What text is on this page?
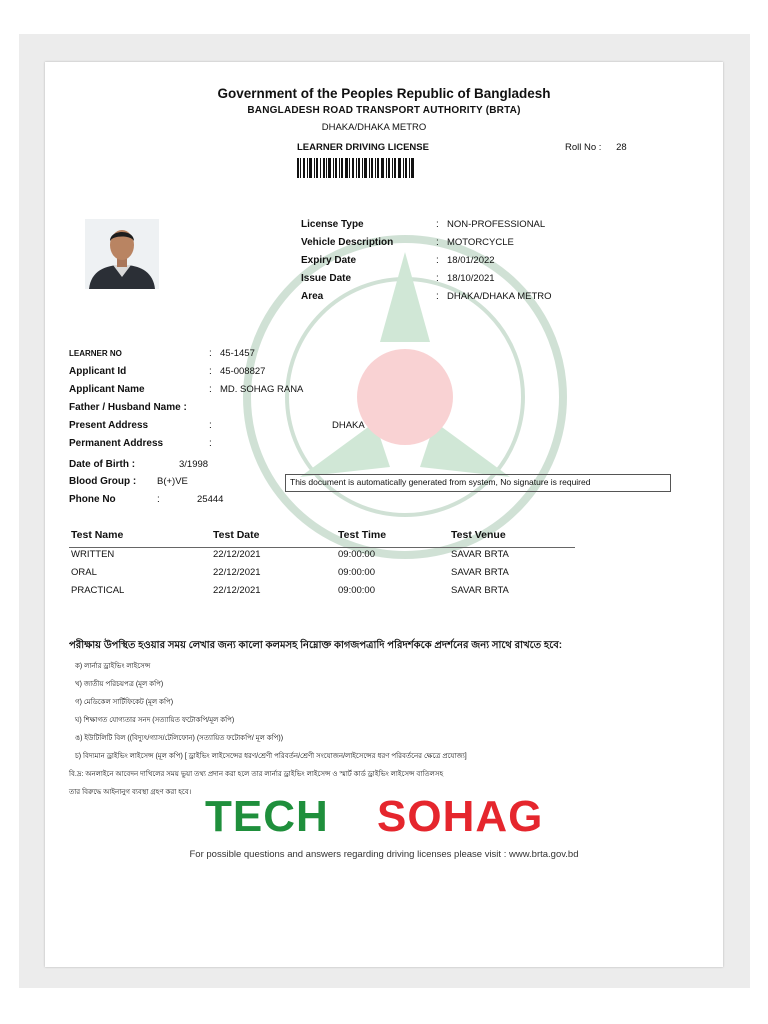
Government of the Peoples Republic of Bangladesh
BANGLADESH ROAD TRANSPORT AUTHORITY (BRTA)
DHAKA/DHAKA METRO
LEARNER DRIVING LICENSE	Roll No : 28
License Type	: NON-PROFESSIONAL
Vehicle Description	: MOTORCYCLE
Expiry Date	: 18/01/2022
Issue Date	: 18/10/2021
Area	: DHAKA/DHAKA METRO
LEARNER NO	: 45-1457
Applicant Id	: 45-008827
Applicant Name	: MD. SOHAG RANA
Father / Husband Name :
Present Address	:	DHAKA
Permanent Address	:
Date of Birth :	3/1998
Blood Group : B(+)VE
Phone No	:	25444
This document is automatically generated from system, No signature is required
Test Name	Test Date	Test Time	Test Venue
WRITTEN	22/12/2021	09:00:00	SAVAR BRTA
ORAL	22/12/2021	09:00:00	SAVAR BRTA
PRACTICAL	22/12/2021	09:00:00	SAVAR BRTA
পরীক্ষায় উপস্থিত হওয়ার সময় লেখার জন্য কালো কলমসহ নিম্নোক্ত কাগজপত্রাদি পরিদর্শককে প্রদর্শনের জন্য সাথে রাখতে হবে:
ক) লার্নার ড্রাইভিং লাইসেন্স
খ) জাতীয় পরিচয়পত্র (মূল কপি)
গ) মেডিকেল সার্টিফিকেট (মূল কপি)
ঘ) শিক্ষাগত যোগ্যতার সনদ (সত্যায়িত ফটোকপি/মূল কপি)
ঙ) ইউটিলিটি বিল ((বিদ্যুৎ/গ্যাস/টেলিফোন) (সত্যায়িত ফটোকপি/ মূল কপি))
চ) বিদ্যমান ড্রাইভিং লাইসেন্স (মূল কপি) [ ড্রাইভিং লাইসেন্সের ধরণ/শ্রেণী পরিবর্তন/শ্রেণী সংযোজন/লাইসেন্সের ধরণ পরিবর্তনের ক্ষেত্রে প্রযোজ্য]
বি.দ্র: অনলাইনে আবেদন দাখিলের সময় ভুয়া তথ্য প্রদান করা হলে তার লার্নার ড্রাইভিং লাইসেন্স ও স্মার্ট কার্ড ড্রাইভিং লাইসেন্স বাতিলসহ
তার বিরুদ্ধে আইনানুগ ব্যবস্থা গ্রহণ করা হবে। TECH SOHAG
For possible questions and answers regarding driving licenses please visit : www.brta.gov.bd
